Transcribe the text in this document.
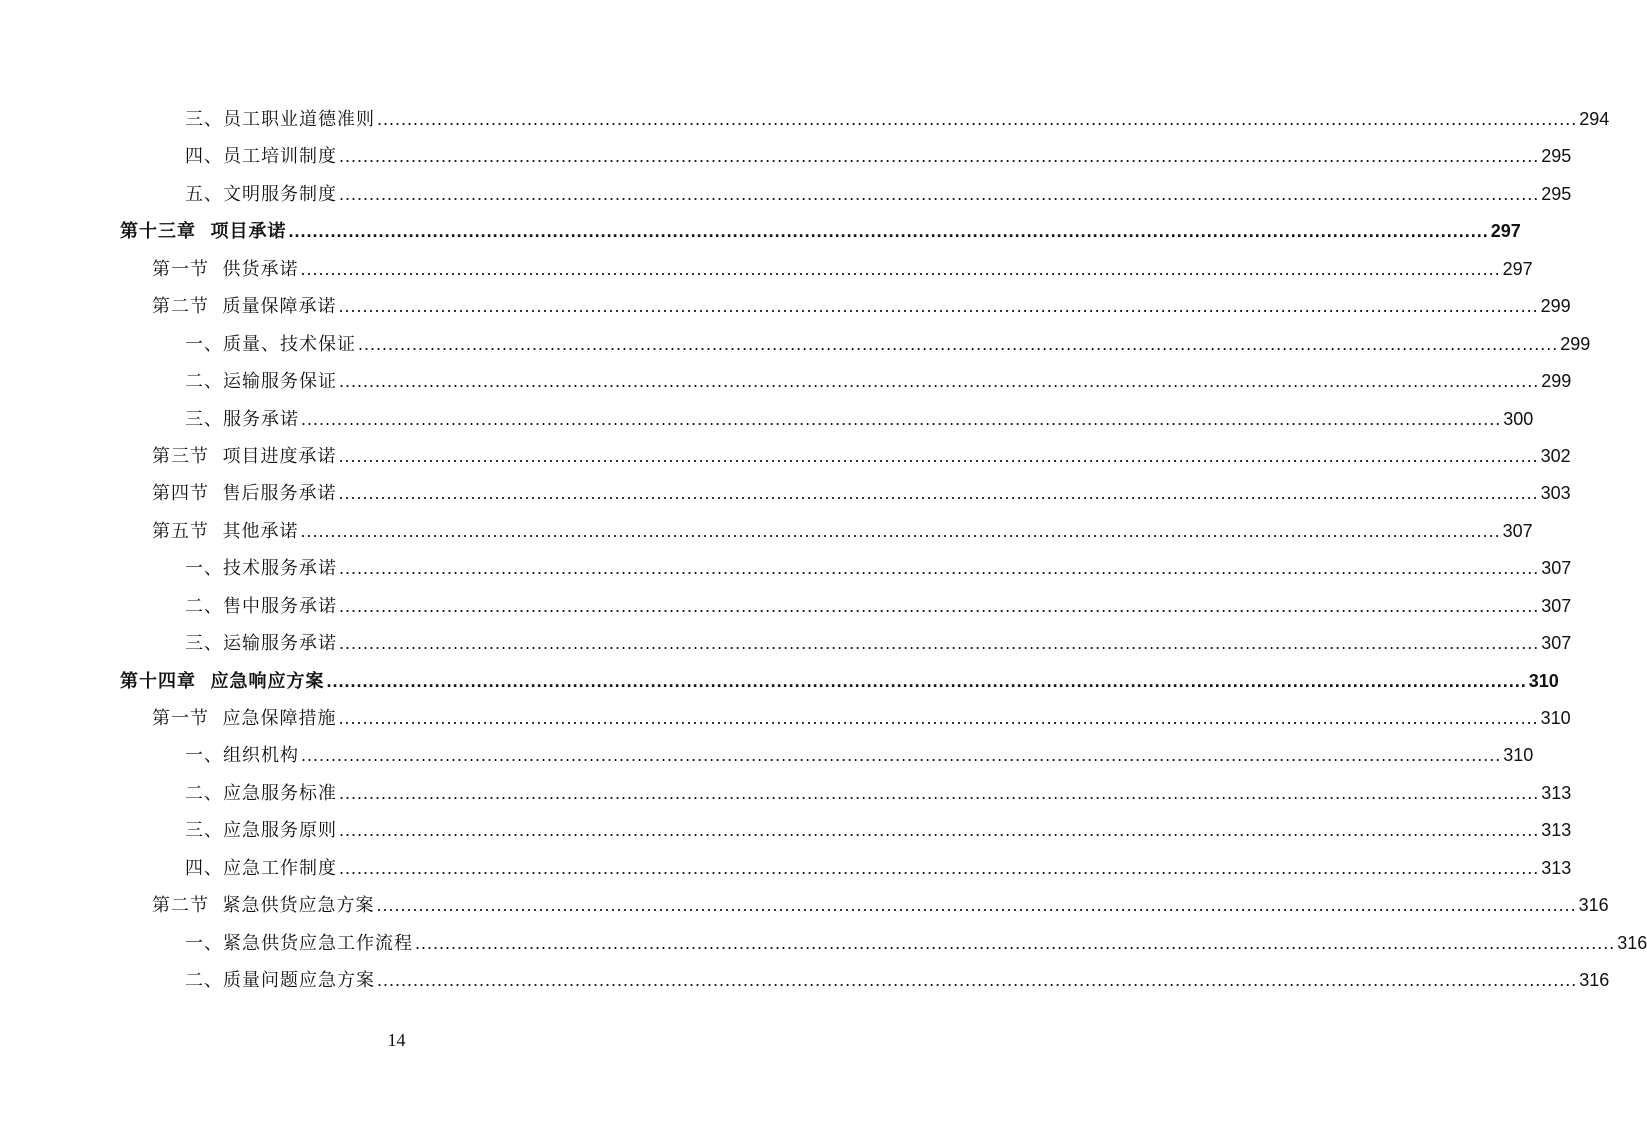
三、员工职业道德准则 ........................................................................................................................................................................................................ 294
四、员工培训制度 ........................................................................................................................................................................................................ 295
五、文明服务制度 ........................................................................................................................................................................................................ 295
第十三章  项目承诺 ........................................................................................................................................................................................................ 297
第一节  供货承诺 ........................................................................................................................................................................................................ 297
第二节  质量保障承诺 ........................................................................................................................................................................................................ 299
一、质量、技术保证 ........................................................................................................................................................................................................ 299
二、运输服务保证 ........................................................................................................................................................................................................ 299
三、服务承诺 ........................................................................................................................................................................................................ 300
第三节  项目进度承诺 ........................................................................................................................................................................................................ 302
第四节  售后服务承诺 ........................................................................................................................................................................................................ 303
第五节  其他承诺 ........................................................................................................................................................................................................ 307
一、技术服务承诺 ........................................................................................................................................................................................................ 307
二、售中服务承诺 ........................................................................................................................................................................................................ 307
三、运输服务承诺 ........................................................................................................................................................................................................ 307
第十四章  应急响应方案 ........................................................................................................................................................................................................ 310
第一节  应急保障措施 ........................................................................................................................................................................................................ 310
一、组织机构 ........................................................................................................................................................................................................ 310
二、应急服务标准 ........................................................................................................................................................................................................ 313
三、应急服务原则 ........................................................................................................................................................................................................ 313
四、应急工作制度 ........................................................................................................................................................................................................ 313
第二节  紧急供货应急方案 ........................................................................................................................................................................................................ 316
一、紧急供货应急工作流程 ........................................................................................................................................................................................................ 316
二、质量问题应急方案 ........................................................................................................................................................................................................ 316
14
